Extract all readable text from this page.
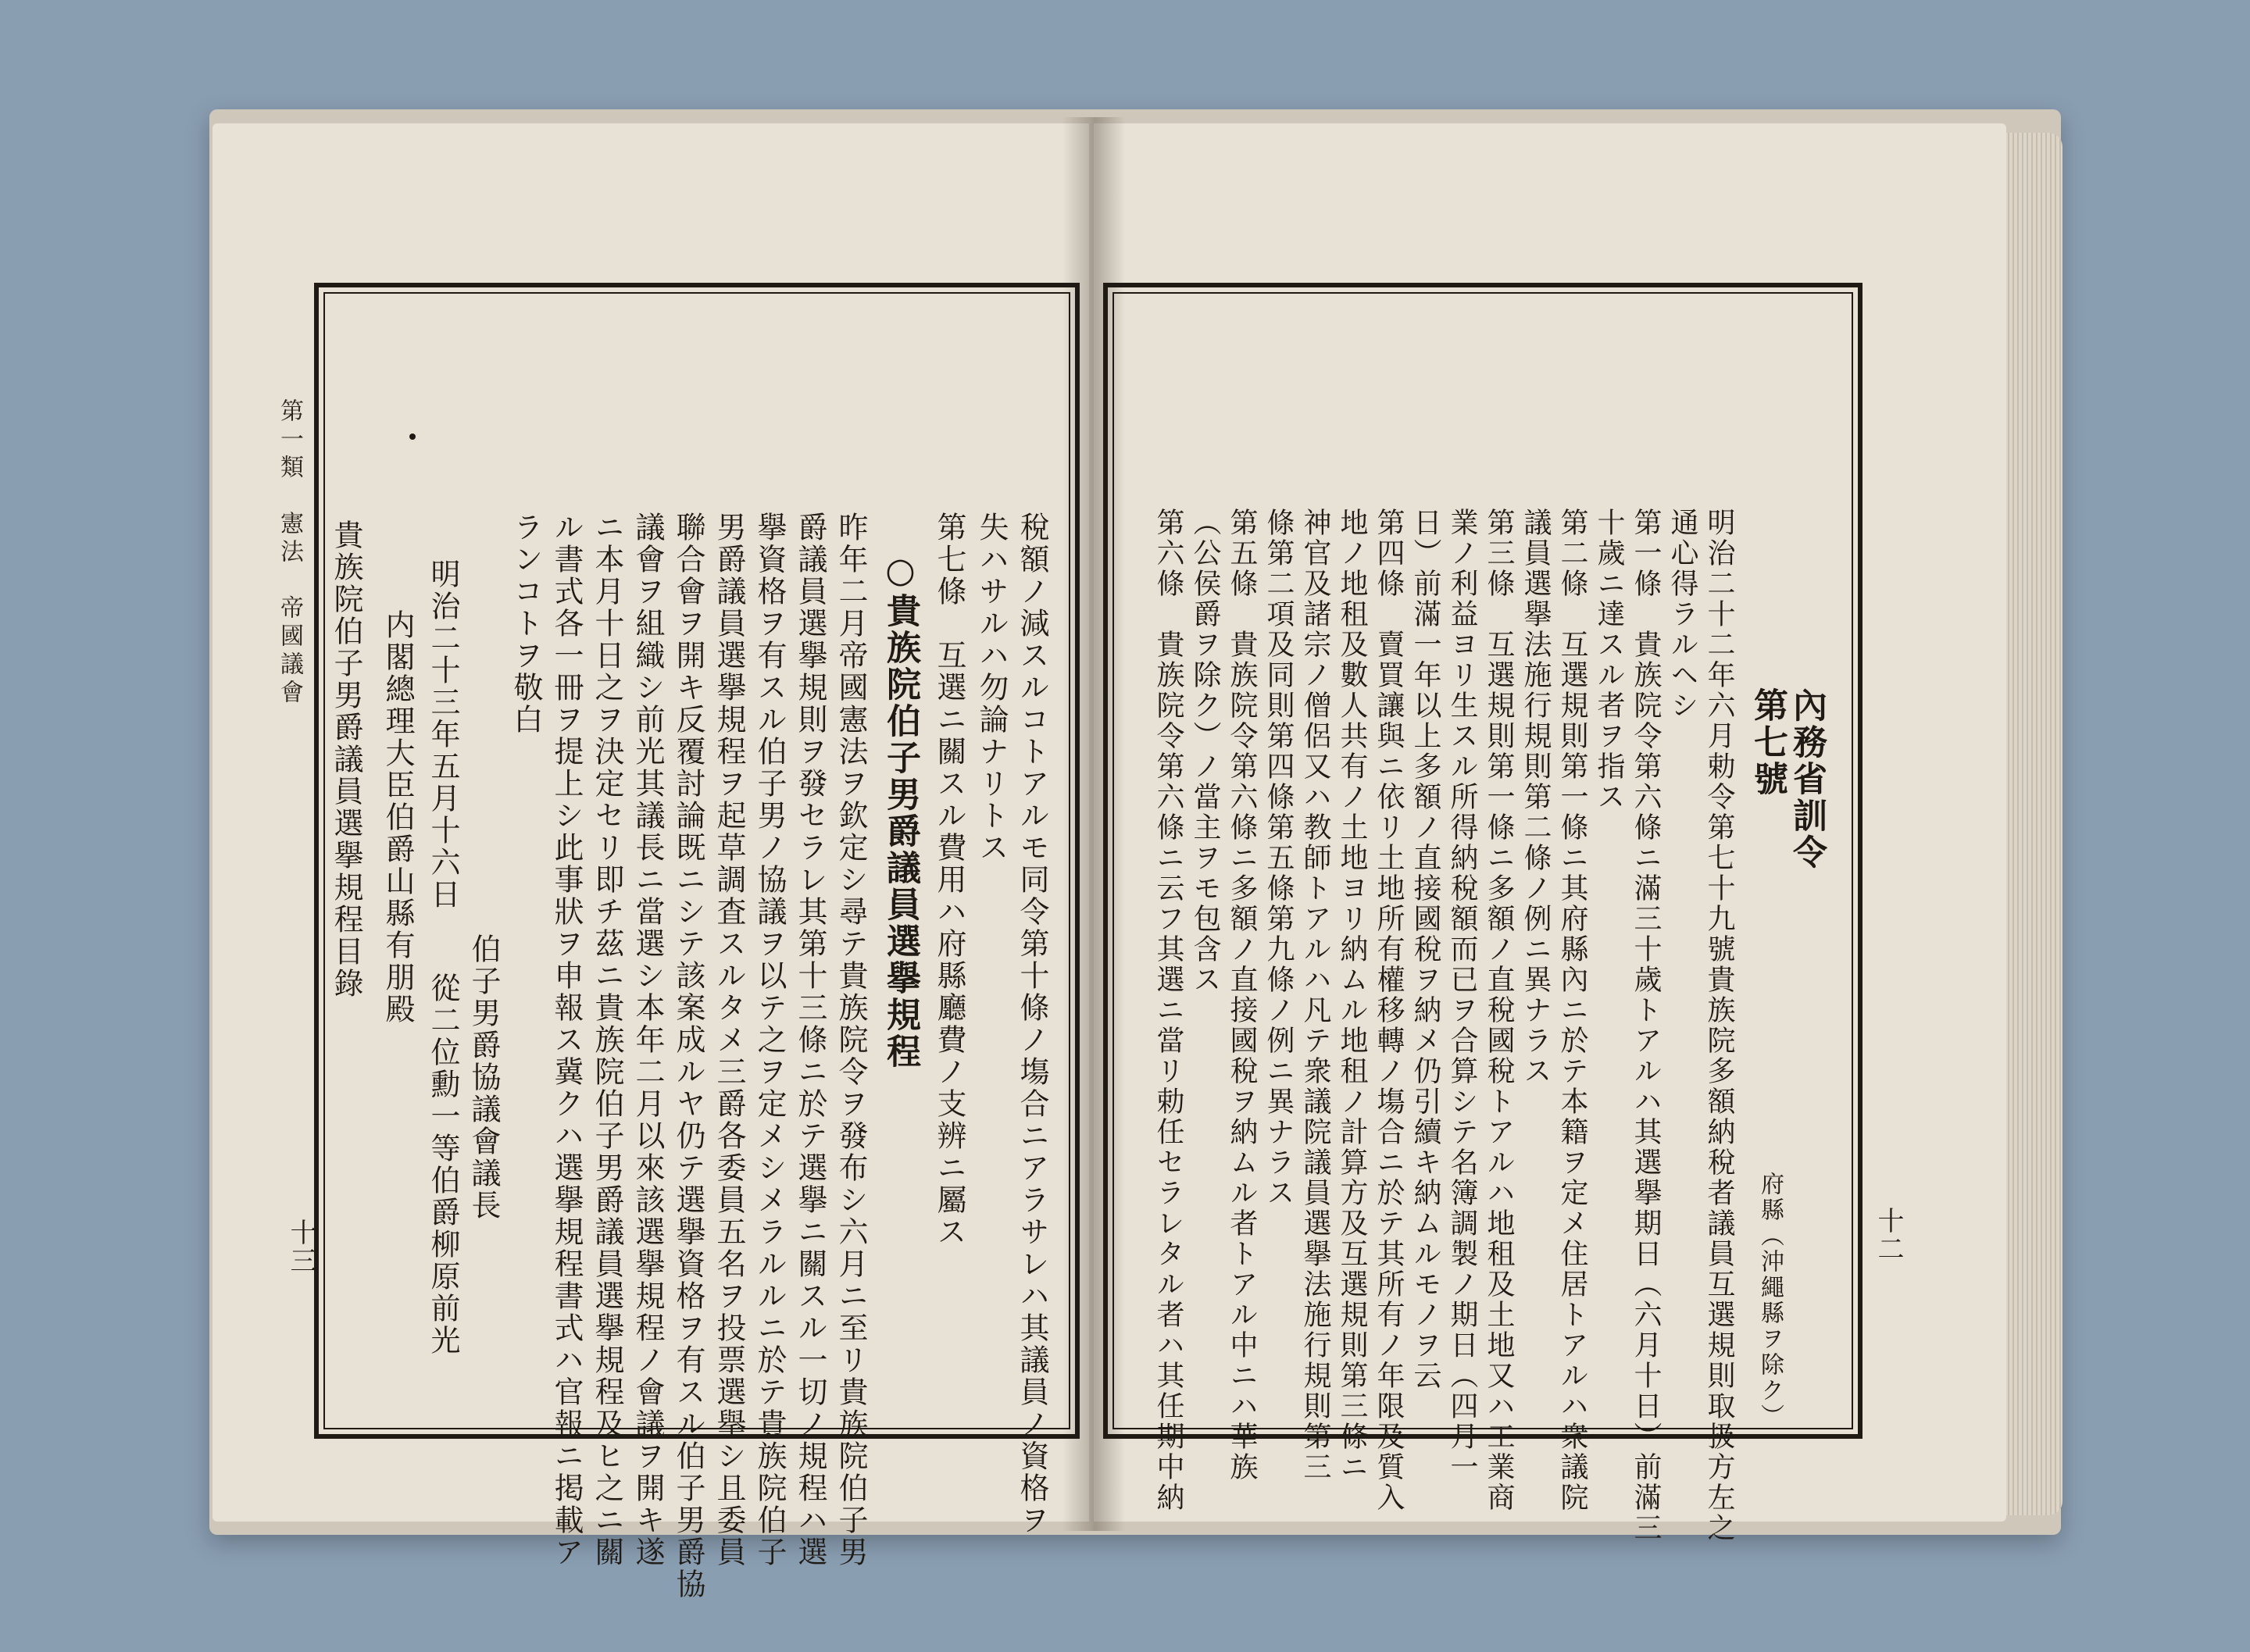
第一類　憲法　帝國議會
十三	稅額ノ減スルコトアルモ同令第十條ノ塲合ニアラサレハ其議員ノ資格ヲ
失ハサルハ勿論ナリトス
第七條　互選ニ關スル費用ハ府縣廳費ノ支辨ニ屬ス
○貴族院伯子男爵議員選擧規程
昨年二月帝國憲法ヲ欽定シ尋テ貴族院令ヲ發布シ六月ニ至リ貴族院伯子男
爵議員選擧規則ヲ發セラレ其第十三條ニ於テ選擧ニ關スル一切ノ規程ハ選
擧資格ヲ有スル伯子男ノ協議ヲ以テ之ヲ定メシメラルルニ於テ貴族院伯子
男爵議員選擧規程ヲ起草調査スルタメ三爵各委員五名ヲ投票選擧シ且委員
聯合會ヲ開キ反覆討論既ニシテ該案成ルヤ仍テ選擧資格ヲ有スル伯子男爵協
議會ヲ組織シ前光其議長ニ當選シ本年二月以來該選擧規程ノ會議ヲ開キ遂
ニ本月十日之ヲ決定セリ即チ茲ニ貴族院伯子男爵議員選擧規程及ヒ之ニ關
ル書式各一冊ヲ提上シ此事狀ヲ申報ス冀クハ選擧規程書式ハ官報ニ掲載ア
ランコトヲ敬白
伯子男爵協議會議長
明治二十三年五月十六日
從二位勳一等伯爵柳原前光
内閣總理大臣伯爵山縣有朋殿
貴族院伯子男爵議員選擧規程目錄
十二
內務省訓令
第七號
府縣（沖繩縣ヲ除ク）
明治二十二年六月勅令第七十九號貴族院多額納稅者議員互選規則取扱方左之
通心得ラルヘシ
第一條　貴族院令第六條ニ滿三十歲トアルハ其選擧期日（六月十日）前滿三
十歲ニ達スル者ヲ指ス
第二條　互選規則第一條ニ其府縣內ニ於テ本籍ヲ定メ住居トアルハ衆議院
議員選擧法施行規則第二條ノ例ニ異ナラス
第三條　互選規則第一條ニ多額ノ直稅國稅トアルハ地租及土地又ハ工業商
業ノ利益ヨリ生スル所得納稅額而已ヲ合算シテ名簿調製ノ期日（四月一
日）前滿一年以上多額ノ直接國稅ヲ納メ仍引續キ納ムルモノヲ云
第四條　賣買讓與ニ依リ土地所有權移轉ノ塲合ニ於テ其所有ノ年限及質入
地ノ地租及數人共有ノ土地ヨリ納ムル地租ノ計算方及互選規則第三條ニ
神官及諸宗ノ僧侶又ハ教師トアルハ凡テ衆議院議員選擧法施行規則第三
條第二項及同則第四條第五條第九條ノ例ニ異ナラス
第五條　貴族院令第六條ニ多額ノ直接國稅ヲ納ムル者トアル中ニハ華族
（公侯爵ヲ除ク）ノ當主ヲモ包含ス
第六條　貴族院令第六條ニ云フ其選ニ當リ勅任セラレタル者ハ其任期中納
